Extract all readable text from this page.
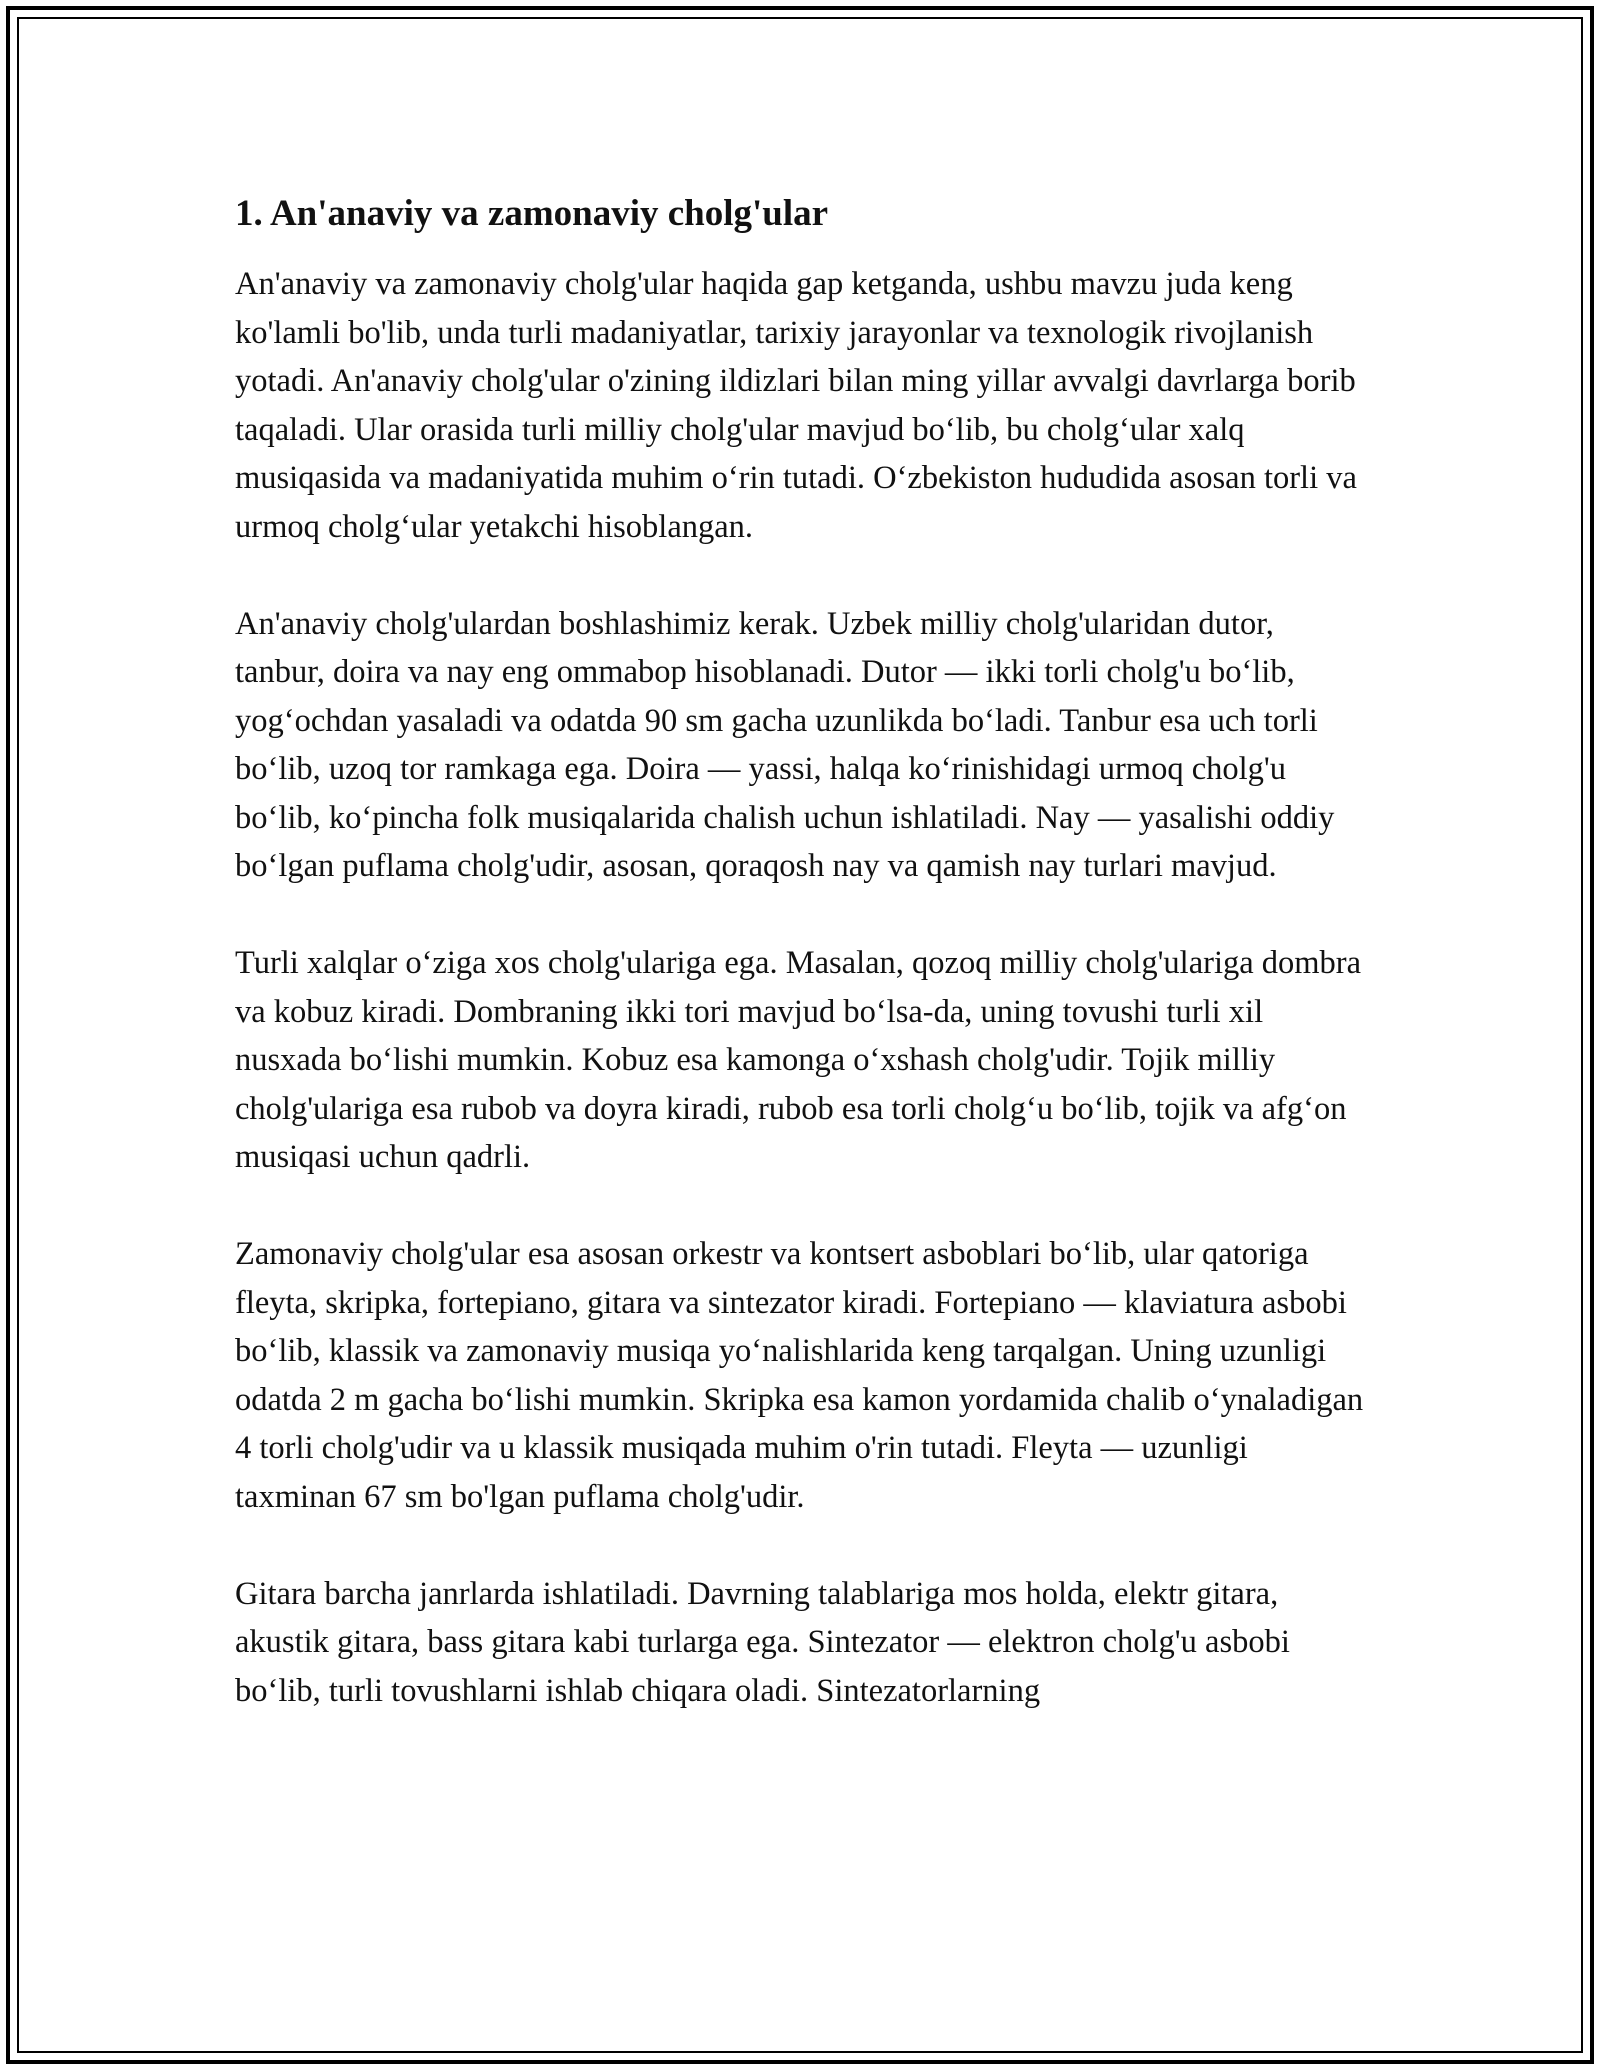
1. An'anaviy va zamonaviy cholg'ular

An'anaviy va zamonaviy cholg'ular haqida gap ketganda, ushbu mavzu juda keng ko'lamli bo'lib, unda turli madaniyatlar, tarixiy jarayonlar va texnologik rivojlanish yotadi. An'anaviy cholg'ular o'zining ildizlari bilan ming yillar avvalgi davrlarga borib taqaladi. Ular orasida turli milliy cholg'ular mavjud bo‘lib, bu cholg‘ular xalq musiqasida va madaniyatida muhim o‘rin tutadi. O‘zbekiston hududida asosan torli va urmoq cholg‘ular yetakchi hisoblangan.

An'anaviy cholg'ulardan boshlashimiz kerak. Uzbek milliy cholg'ularidan dutor, tanbur, doira va nay eng ommabop hisoblanadi. Dutor — ikki torli cholg'u bo‘lib, yog‘ochdan yasaladi va odatda 90 sm gacha uzunlikda bo‘ladi. Tanbur esa uch torli bo‘lib, uzoq tor ramkaga ega. Doira — yassi, halqa ko‘rinishidagi urmoq cholg'u bo‘lib, ko‘pincha folk musiqalarida chalish uchun ishlatiladi. Nay — yasalishi oddiy bo‘lgan puflama cholg'udir, asosan, qoraqosh nay va qamish nay turlari mavjud.

Turli xalqlar o‘ziga xos cholg'ulariga ega. Masalan, qozoq milliy cholg'ulariga dombra va kobuz kiradi. Dombraning ikki tori mavjud bo‘lsa-da, uning tovushi turli xil nusxada bo‘lishi mumkin. Kobuz esa kamonga o‘xshash cholg'udir. Tojik milliy cholg'ulariga esa rubob va doyra kiradi, rubob esa torli cholg‘u bo‘lib, tojik va afg‘on musiqasi uchun qadrli.

Zamonaviy cholg'ular esa asosan orkestr va kontsert asboblari bo‘lib, ular qatoriga fleyta, skripka, fortepiano, gitara va sintezator kiradi. Fortepiano — klaviatura asbobi bo‘lib, klassik va zamonaviy musiqa yo‘nalishlarida keng tarqalgan. Uning uzunligi odatda 2 m gacha bo‘lishi mumkin. Skripka esa kamon yordamida chalib o‘ynaladigan 4 torli cholg'udir va u klassik musiqada muhim o'rin tutadi. Fleyta — uzunligi taxminan 67 sm bo'lgan puflama cholg'udir.

Gitara barcha janrlarda ishlatiladi. Davrning talablariga mos holda, elektr gitara, akustik gitara, bass gitara kabi turlarga ega. Sintezator — elektron cholg'u asbobi bo‘lib, turli tovushlarni ishlab chiqara oladi. Sintezatorlarning
